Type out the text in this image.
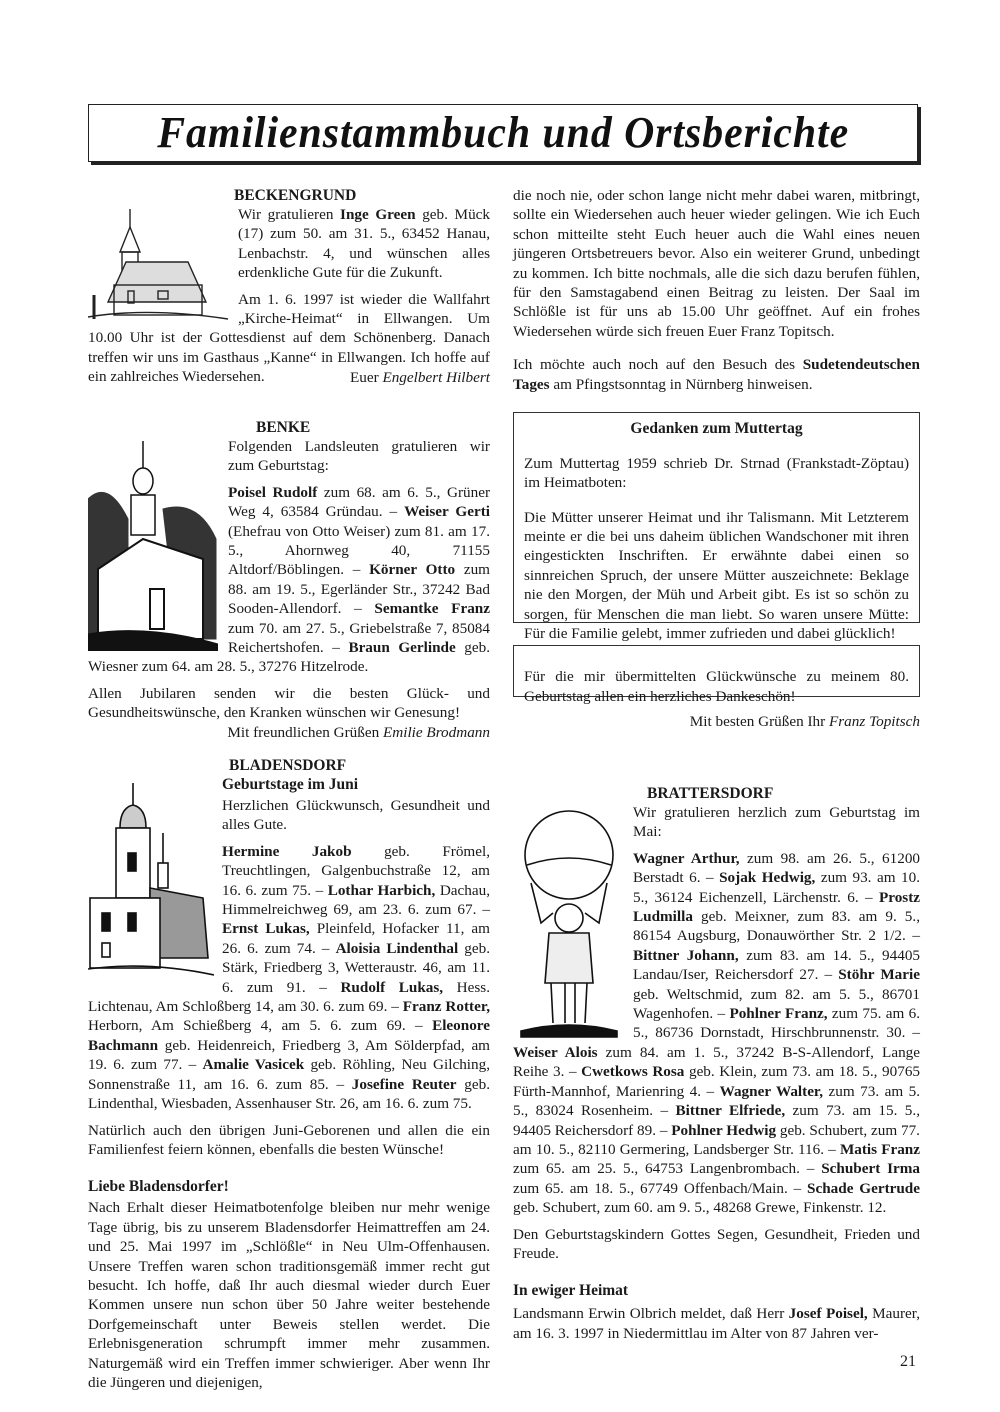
Familienstammbuch und Ortsberichte
BECKENGRUND

Wir gratulieren Inge Green geb. Mück (17) zum 50. am 31. 5., 63452 Hanau, Lenbachstr. 4, und wünschen alles erdenkliche Gute für die Zukunft.

Am 1. 6. 1997 ist wieder die Wallfahrt „Kirche-Heimat“ in Ellwangen. Um 10.00 Uhr ist der Gottesdienst auf dem Schönenberg. Danach treffen wir uns im Gasthaus „Kanne“ in Ellwangen. Ich hoffe auf ein zahlreiches Wiedersehen.	Euer Engelbert Hilbert
BENKE

Folgenden Landsleuten gratulieren wir zum Geburtstag:

Poisel Rudolf zum 68. am 6. 5., Grüner Weg 4, 63584 Gründau. – Weiser Gerti (Ehefrau von Otto Weiser) zum 81. am 17. 5., Ahornweg 40, 71155 Altdorf/Böblingen. – Körner Otto zum 88. am 19. 5., Egerländer Str., 37242 Bad Sooden-Allendorf. – Semantke Franz zum 70. am 27. 5., Griebelstraße 7, 85084 Reichertshofen. – Braun Gerlinde geb. Wiesner zum 64. am 28. 5., 37276 Hitzelrode.

Allen Jubilaren senden wir die besten Glück- und Gesundheitswünsche, den Kranken wünschen wir Genesung!

Mit freundlichen Grüßen Emilie Brodmann
BLADENSDORF
Geburtstage im Juni

Herzlichen Glückwunsch, Gesundheit und alles Gute.

Hermine Jakob geb. Frömel, Treuchtlingen, Galgenbuchstraße 12, am 16. 6. zum 75. – Lothar Harbich, Dachau, Himmelreichweg 69, am 23. 6. zum 67. – Ernst Lukas, Pleinfeld, Hofacker 11, am 26. 6. zum 74. – Aloisia Lindenthal geb. Stärk, Friedberg 3, Wetteraustr. 46, am 11. 6. zum 91. – Rudolf Lukas, Hess. Lichtenau, Am Schloßberg 14, am 30. 6. zum 69. – Franz Rotter, Herborn, Am Schießberg 4, am 5. 6. zum 69. – Eleonore Bachmann geb. Heidenreich, Friedberg 3, Am Sölderpfad, am 19. 6. zum 77. – Amalie Vasicek geb. Röhling, Neu Gilching, Sonnenstraße 11, am 16. 6. zum 85. – Josefine Reuter geb. Lindenthal, Wiesbaden, Assenhauser Str. 26, am 16. 6. zum 75.

Natürlich auch den übrigen Juni-Geborenen und allen die ein Familienfest feiern können, ebenfalls die besten Wünsche!

Liebe Bladensdorfer!

Nach Erhalt dieser Heimatbotenfolge bleiben nur mehr wenige Tage übrig, bis zu unserem Bladensdorfer Heimattreffen am 24. und 25. Mai 1997 im „Schlößle“ in Neu Ulm-Offenhausen. Unsere Treffen waren schon traditionsgemäß immer recht gut besucht. Ich hoffe, daß Ihr auch diesmal wieder durch Euer Kommen unsere nun schon über 50 Jahre weiter bestehende Dorfgemeinschaft unter Beweis stellen werdet. Die Erlebnisgeneration schrumpft immer mehr zusammen. Naturgemäß wird ein Treffen immer schwieriger. Aber wenn Ihr die Jüngeren und diejenigen,

die noch nie, oder schon lange nicht mehr dabei waren, mitbringt, sollte ein Wiedersehen auch heuer wieder gelingen. Wie ich Euch schon mitteilte steht Euch heuer auch die Wahl eines neuen jüngeren Ortsbetreuers bevor. Also ein weiterer Grund, unbedingt zu kommen. Ich bitte nochmals, alle die sich dazu berufen fühlen, für den Samstagabend einen Beitrag zu leisten. Der Saal im Schlößle ist für uns ab 15.00 Uhr geöffnet. Auf ein frohes Wiedersehen würde sich freuen Euer Franz Topitsch.

Ich möchte auch noch auf den Besuch des Sudetendeutschen Tages am Pfingstsonntag in Nürnberg hinweisen.

Gedanken zum Muttertag

Zum Muttertag 1959 schrieb Dr. Strnad (Frankstadt-Zöptau) im Heimatboten:

Die Mütter unserer Heimat und ihr Talismann. Mit Letzterem meinte er die bei uns daheim üblichen Wandschoner mit ihren eingestickten Inschriften. Er erwähnte dabei einen so sinnreichen Spruch, der unsere Mütter auszeichnete: Beklage nie den Morgen, der Müh und Arbeit gibt. Es ist so schön zu sorgen, für Menschen die man liebt. So waren unsere Mütte: Für die Familie gelebt, immer zufrieden und dabei glücklich!

Für die mir übermittelten Glückwünsche zu meinem 80. Geburtstag allen ein herzliches Dankeschön!

Mit besten Grüßen Ihr Franz Topitsch
BRATTERSDORF

Wir gratulieren herzlich zum Geburtstag im Mai:

Wagner Arthur, zum 98. am 26. 5., 61200 Berstadt 6. – Sojak Hedwig, zum 93. am 10. 5., 36124 Eichenzell, Lärchenstr. 6. – Prostz Ludmilla geb. Meixner, zum 83. am 9. 5., 86154 Augsburg, Donauwörther Str. 2 1/2. – Bittner Johann, zum 83. am 14. 5., 94405 Landau/Iser, Reichersdorf 27. – Stöhr Marie geb. Weltschmid, zum 82. am 5. 5., 86701 Wagenhofen. – Pohlner Franz, zum 75. am 6. 5., 86736 Dornstadt, Hirschbrunnenstr. 30. – Weiser Alois zum 84. am 1. 5., 37242 B-S-Allendorf, Lange Reihe 3. – Cwetkows Rosa geb. Klein, zum 73. am 18. 5., 90765 Fürth-Mannhof, Marienring 4. – Wagner Walter, zum 73. am 5. 5., 83024 Rosenheim. – Bittner Elfriede, zum 73. am 15. 5., 94405 Reichersdorf 89. – Pohlner Hedwig geb. Schubert, zum 77. am 10. 5., 82110 Germering, Landsberger Str. 116. – Matis Franz zum 65. am 25. 5., 64753 Langenbrombach. – Schubert Irma zum 65. am 18. 5., 67749 Offenbach/Main. – Schade Gertrude geb. Schubert, zum 60. am 9. 5., 48268 Grewe, Finkenstr. 12.

Den Geburtstagskindern Gottes Segen, Gesundheit, Frieden und Freude.

In ewiger Heimat

Landsmann Erwin Olbrich meldet, daß Herr Josef Poisel, Maurer, am 16. 3. 1997 in Niedermittlau im Alter von 87 Jahren ver-

21
